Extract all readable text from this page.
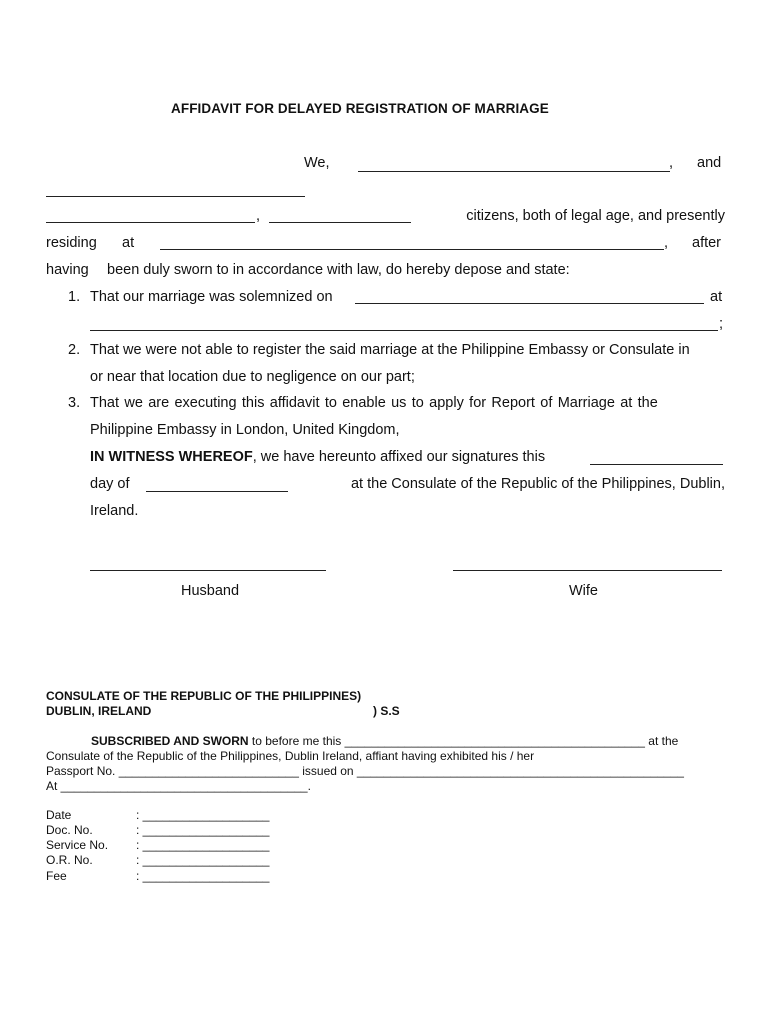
AFFIDAVIT FOR DELAYED REGISTRATION OF MARRIAGE
We,	, and
,	citizens, both of legal age, and presently
residing at	, after
having been duly sworn to in accordance with law, do hereby depose and state:
1. That our marriage was solemnized on	at
;
2. That we were not able to register the said marriage at the Philippine Embassy or Consulate in
or near that location due to negligence on our part;
3. That we are executing this affidavit to enable us to apply for Report of Marriage at the
Philippine Embassy in London, United Kingdom,
IN WITNESS WHEREOF, we have hereunto affixed our signatures this
day of	at the Consulate of the Republic of the Philippines, Dublin,
Ireland.
Husband	Wife
CONSULATE OF THE REPUBLIC OF THE PHILIPPINES)
DUBLIN, IRELAND	) S.S
SUBSCRIBED AND SWORN to before me this _____________________________________________ at the
Consulate of the Republic of the Philippines, Dublin Ireland, affiant having exhibited his / her
Passport No. ___________________________ issued on _________________________________________________
At _____________________________________.
Date	: ___________________
Doc. No.	: ___________________
Service No. : ___________________
O.R. No.	: ___________________
Fee	: ___________________
